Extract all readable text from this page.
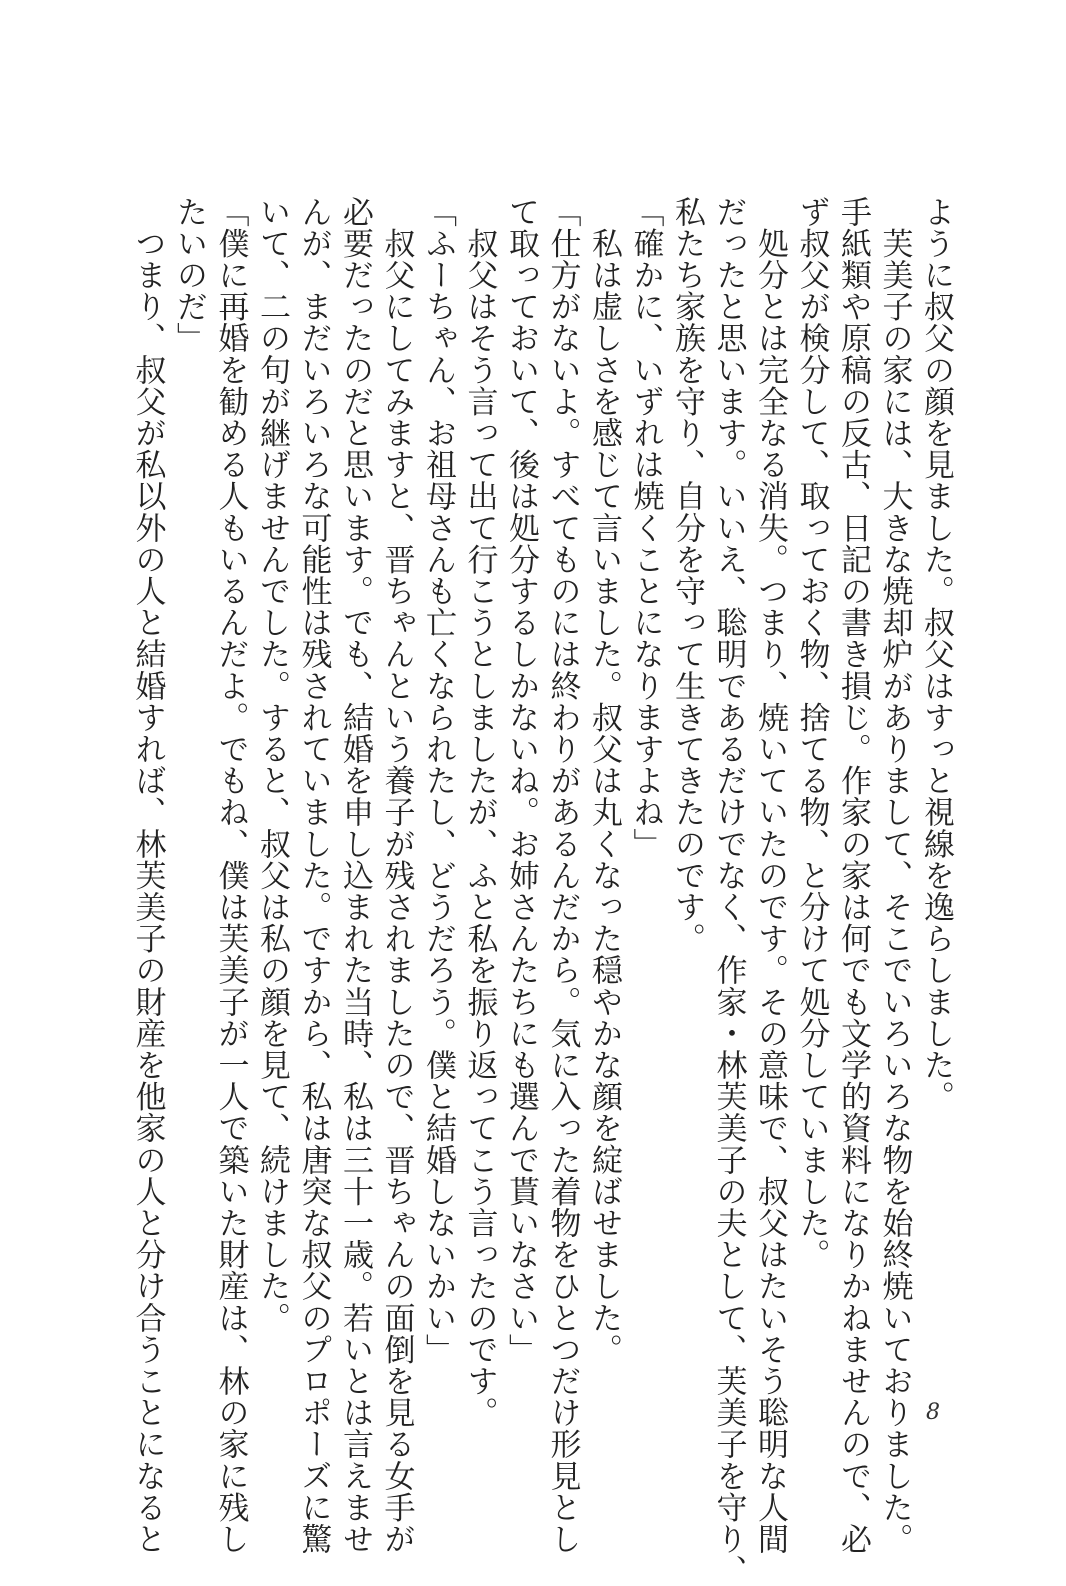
ように叔父の顔を見ました。叔父はすっと視線を逸らしました。
　芙美子の家には、大きな焼却炉がありまして、そこでいろいろな物を始終焼いておりました。
手紙類や原稿の反古、日記の書き損じ。作家の家は何でも文学的資料になりかねませんので、必
ず叔父が検分して、取っておく物、捨てる物、と分けて処分していました。
　処分とは完全なる消失。つまり、焼いていたのです。その意味で、叔父はたいそう聡明な人間
だったと思います。いいえ、聡明であるだけでなく、作家・林芙美子の夫として、芙美子を守り、
私たち家族を守り、自分を守って生きてきたのです。
「確かに、いずれは焼くことになりますよね」
　私は虚しさを感じて言いました。叔父は丸くなった穏やかな顔を綻ばせました。
「仕方がないよ。すべてものには終わりがあるんだから。気に入った着物をひとつだけ形見とし
て取っておいて、後は処分するしかないね。お姉さんたちにも選んで貰いなさい」
　叔父はそう言って出て行こうとしましたが、ふと私を振り返ってこう言ったのです。
「ふーちゃん、お祖母さんも亡くなられたし、どうだろう。僕と結婚しないかい」
　叔父にしてみますと、晋ちゃんという養子が残されましたので、晋ちゃんの面倒を見る女手が
必要だったのだと思います。でも、結婚を申し込まれた当時、私は三十一歳。若いとは言えませ
んが、まだいろいろな可能性は残されていました。ですから、私は唐突な叔父のプロポーズに驚
いて、二の句が継げませんでした。すると、叔父は私の顔を見て、続けました。
「僕に再婚を勧める人もいるんだよ。でもね、僕は芙美子が一人で築いた財産は、林の家に残し
たいのだ」
　つまり、叔父が私以外の人と結婚すれば、林芙美子の財産を他家の人と分け合うことになると	8
